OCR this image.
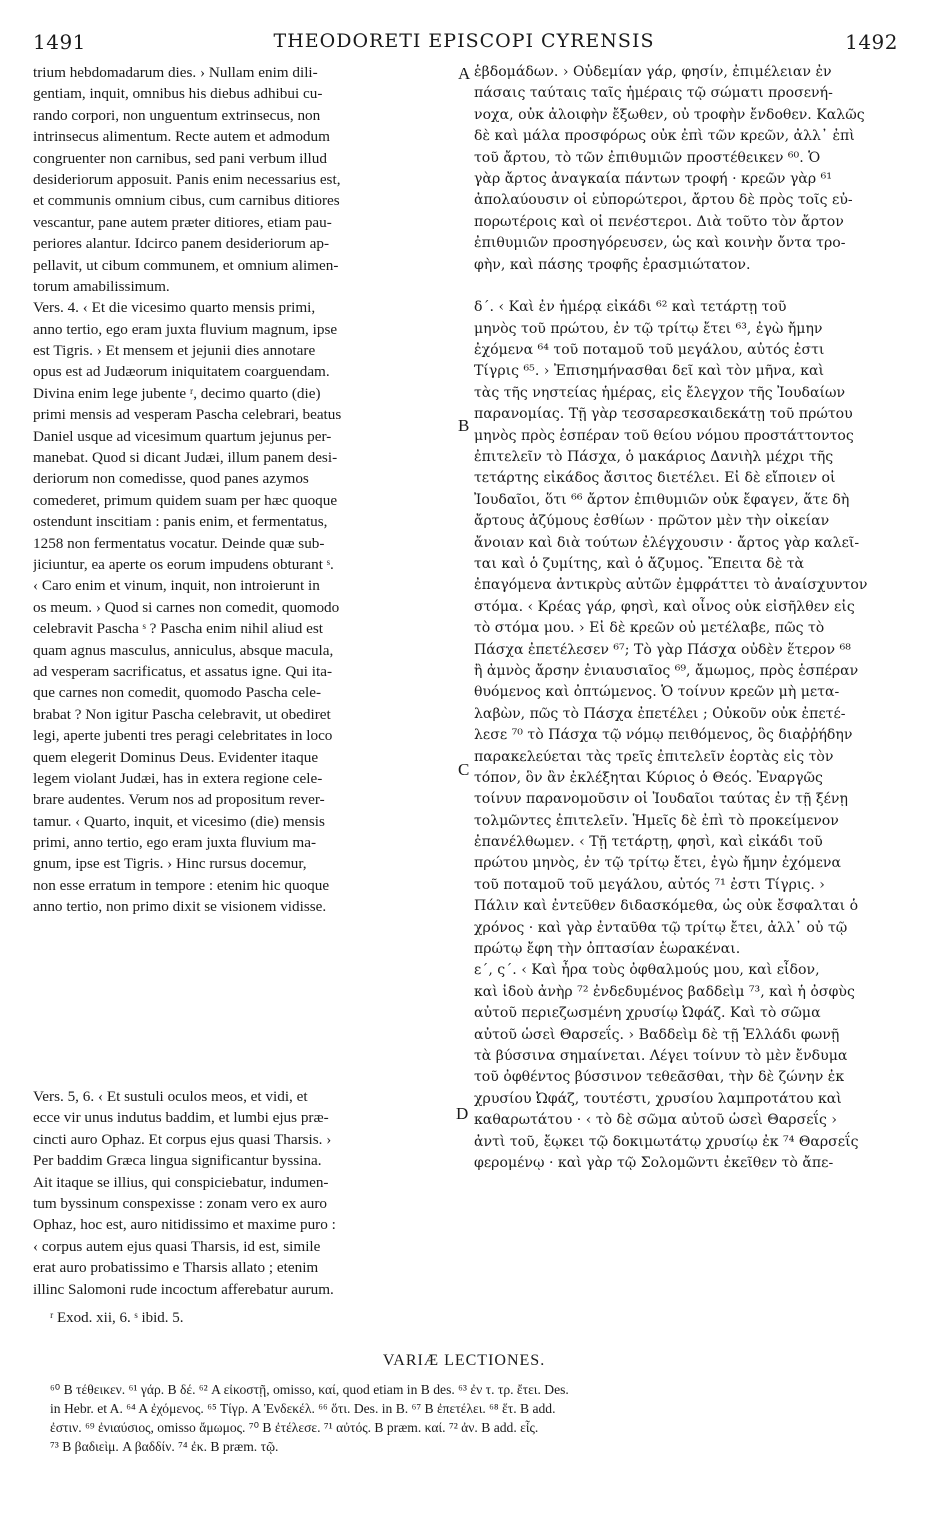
1491	THEODORETI EPISCOPI CYRENSIS	1492
trium hebdomadarum dies. › Nullam enim dili-
gentiam, inquit, omnibus his diebus adhibui cu-
rando corpori, non unguentum extrinsecus, non
intrinsecus alimentum. Recte autem et admodum
congruenter non carnibus, sed pani verbum illud
desideriorum apposuit. Panis enim necessarius est,
et communis omnium cibus, cum carnibus ditiores
vescantur, pane autem præter ditiores, etiam pau-
periores alantur. Idcirco panem desideriorum ap-
pellavit, ut cibum communem, et omnium alimen-
torum amabilissimum.
Vers. 4. ‹ Et die vicesimo quarto mensis primi,
anno tertio, ego eram juxta fluvium magnum, ipse
est Tigris. › Et mensem et jejunii dies annotare
opus est ad Judæorum iniquitatem coarguendam.
Divina enim lege jubente ʳ, decimo quarto (die)
primi mensis ad vesperam Pascha celebrari, beatus
Daniel usque ad vicesimum quartum jejunus per-
manebat. Quod si dicant Judæi, illum panem desi-
deriorum non comedisse, quod panes azymos
comederet, primum quidem suam per hæc quoque
ostendunt inscitiam : panis enim, et fermentatus,
1258 non fermentatus vocatur. Deinde quæ sub-
jiciuntur, ea aperte os eorum impudens obturant ˢ.
‹ Caro enim et vinum, inquit, non introierunt in
os meum. › Quod si carnes non comedit, quomodo
celebravit Pascha ˢ ? Pascha enim nihil aliud est
quam agnus masculus, anniculus, absque macula,
ad vesperam sacrificatus, et assatus igne. Qui ita-
que carnes non comedit, quomodo Pascha cele-
brabat ? Non igitur Pascha celebravit, ut obediret
legi, aperte jubenti tres peragi celebritates in loco
quem elegerit Dominus Deus. Evidenter itaque
legem violant Judæi, has in extera regione cele-
brare audentes. Verum nos ad propositum rever-
tamur. ‹ Quarto, inquit, et vicesimo (die) mensis
primi, anno tertio, ego eram juxta fluvium ma-
gnum, ipse est Tigris. › Hinc rursus docemur,
non esse erratum in tempore : etenim hic quoque
anno tertio, non primo dixit se visionem vidisse.
Vers. 5, 6. ‹ Et sustuli oculos meos, et vidi, et
ecce vir unus indutus baddim, et lumbi ejus præ-
cincti auro Ophaz. Et corpus ejus quasi Tharsis. ›
Per baddim Græca lingua significantur byssina.
Ait itaque se illius, qui conspiciebatur, indumen-
tum byssinum conspexisse : zonam vero ex auro
Ophaz, hoc est, auro nitidissimo et maxime puro :
‹ corpus autem ejus quasi Tharsis, id est, simile
erat auro probatissimo e Tharsis allato ; etenim
illinc Salomoni rude incoctum afferebatur aurum.
ἑβδομάδων. › Οὐδεμίαν γάρ, φησίν, ἐπιμέλειαν ἐν
πάσαις ταύταις ταῖς ἡμέραις τῷ σώματι προσενή-
νοχα, οὐκ ἀλοιφὴν ἔξωθεν, οὐ τροφὴν ἔνδοθεν. Καλῶς
δὲ καὶ μάλα προσφόρως οὐκ ἐπὶ τῶν κρεῶν, ἀλλ᾽ ἐπὶ
τοῦ ἄρτου, τὸ τῶν ἐπιθυμιῶν προστέθεικεν ⁶⁰. Ὁ
γὰρ ἄρτος ἀναγκαία πάντων τροφή · κρεῶν γὰρ ⁶¹
ἀπολαύουσιν οἱ εὐπορώτεροι, ἄρτου δὲ πρὸς τοῖς εὐ-
πορωτέροις καὶ οἱ πενέστεροι. Διὰ τοῦτο τὸν ἄρτον
ἐπιθυμιῶν προσηγόρευσεν, ὡς καὶ κοινὴν ὄντα τρο-
φὴν, καὶ πάσης τροφῆς ἐρασμιώτατον.
δ΄. ‹ Καὶ ἐν ἡμέρᾳ εἰκάδι ⁶² καὶ τετάρτῃ τοῦ
μηνὸς τοῦ πρώτου, ἐν τῷ τρίτῳ ἔτει ⁶³, ἐγὼ ἤμην
ἐχόμενα ⁶⁴ τοῦ ποταμοῦ τοῦ μεγάλου, αὐτός ἐστι
Τίγρις ⁶⁵. › Ἐπισημήνασθαι δεῖ καὶ τὸν μῆνα, καὶ
τὰς τῆς νηστείας ἡμέρας, εἰς ἔλεγχον τῆς Ἰουδαίων
παρανομίας. Τῇ γὰρ τεσσαρεσκαιδεκάτῃ τοῦ πρώτου
μηνὸς πρὸς ἑσπέραν τοῦ θείου νόμου προστάττοντος
ἐπιτελεῖν τὸ Πάσχα, ὁ μακάριος Δανιὴλ μέχρι τῆς
τετάρτης εἰκάδος ἄσιτος διετέλει. Εἰ δὲ εἴποιεν οἱ
Ἰουδαῖοι, ὅτι ⁶⁶ ἄρτον ἐπιθυμιῶν οὐκ ἔφαγεν, ἅτε δὴ
ἄρτους ἀζύμους ἐσθίων · πρῶτον μὲν τὴν οἰκείαν
ἄνοιαν καὶ διὰ τούτων ἐλέγχουσιν · ἄρτος γὰρ καλεῖ-
ται καὶ ὁ ζυμίτης, καὶ ὁ ἄζυμος. Ἔπειτα δὲ τὰ
ἐπαγόμενα ἀντικρὺς αὐτῶν ἐμφράττει τὸ ἀναίσχυντον
στόμα. ‹ Κρέας γάρ, φησὶ, καὶ οἶνος οὐκ εἰσῆλθεν εἰς
τὸ στόμα μου. › Εἰ δὲ κρεῶν οὐ μετέλαβε, πῶς τὸ
Πάσχα ἐπετέλεσεν ⁶⁷; Τὸ γὰρ Πάσχα οὐδὲν ἕτερον ⁶⁸
ἢ ἀμνὸς ἄρσην ἐνιαυσιαῖος ⁶⁹, ἄμωμος, πρὸς ἑσπέραν
θυόμενος καὶ ὀπτώμενος. Ὁ τοίνυν κρεῶν μὴ μετα-
λαβὼν, πῶς τὸ Πάσχα ἐπετέλει ; Οὐκοῦν οὐκ ἐπετέ-
λεσε ⁷⁰ τὸ Πάσχα τῷ νόμῳ πειθόμενος, ὃς διαῤῥήδην
παρακελεύεται τὰς τρεῖς ἐπιτελεῖν ἑορτὰς εἰς τὸν
τόπον, ὃν ἂν ἐκλέξηται Κύριος ὁ Θεός. Ἐναργῶς
τοίνυν παρανομοῦσιν οἱ Ἰουδαῖοι ταύτας ἐν τῇ ξένῃ
τολμῶντες ἐπιτελεῖν. Ἡμεῖς δὲ ἐπὶ τὸ προκείμενον
ἐπανέλθωμεν. ‹ Τῇ τετάρτῃ, φησὶ, καὶ εἰκάδι τοῦ
πρώτου μηνὸς, ἐν τῷ τρίτῳ ἔτει, ἐγὼ ἤμην ἐχόμενα
τοῦ ποταμοῦ τοῦ μεγάλου, αὐτός ⁷¹ ἐστι Τίγρις. ›
Πάλιν καὶ ἐντεῦθεν διδασκόμεθα, ὡς οὐκ ἔσφαλται ὁ
χρόνος · καὶ γὰρ ἐνταῦθα τῷ τρίτῳ ἔτει, ἀλλ᾽ οὐ τῷ
πρώτῳ ἔφη τὴν ὀπτασίαν ἑωρακέναι.
ε΄, ς΄. ‹ Καὶ ἦρα τοὺς ὀφθαλμούς μου, καὶ εἶδον,
καὶ ἰδοὺ ἀνὴρ ⁷² ἐνδεδυμένος βαδδεὶμ ⁷³, καὶ ἡ ὀσφὺς
αὐτοῦ περιεζωσμένη χρυσίῳ Ὠφάζ. Καὶ τὸ σῶμα
αὐτοῦ ὡσεὶ Θαρσεΐς. › Βαδδεὶμ δὲ τῇ Ἑλλάδι φωνῇ
τὰ βύσσινα σημαίνεται. Λέγει τοίνυν τὸ μὲν ἔνδυμα
τοῦ ὀφθέντος βύσσινον τεθεᾶσθαι, τὴν δὲ ζώνην ἐκ
χρυσίου Ὠφάζ, τουτέστι, χρυσίου λαμπροτάτου καὶ
καθαρωτάτου · ‹ τὸ δὲ σῶμα αὐτοῦ ὡσεὶ Θαρσεΐς ›
ἀντὶ τοῦ, ἔῳκει τῷ δοκιμωτάτῳ χρυσίῳ ἐκ ⁷⁴ Θαρσεΐς
φερομένῳ · καὶ γὰρ τῷ Σολομῶντι ἐκεῖθεν τὸ ἄπε-
A
B
C
D
ʳ Exod. xii, 6. ˢ ibid. 5.
VARIÆ LECTIONES.
⁶⁰ B τέθεικεν. ⁶¹ γάρ. B δέ. ⁶² A εἰκοστῇ, omisso, καί, quod etiam in B des. ⁶³ ἐν τ. τρ. ἔτει. Des.
in Hebr. et A. ⁶⁴ A ἐχόμενος. ⁶⁵ Τίγρ. A Ἐνδεκέλ. ⁶⁶ ὅτι. Des. in B. ⁶⁷ B ἐπετέλει. ⁶⁸ ἕτ. B add.
ἐστιν. ⁶⁹ ἐνιαύσιος, omisso ἄμωμος. ⁷⁰ B ἐτέλεσε. ⁷¹ αὐτός. B præm. καί. ⁷² ἀν. B add. εἷς.
⁷³ B βαδιεὶμ. A βαδδίν. ⁷⁴ ἐκ. B præm. τῷ.
